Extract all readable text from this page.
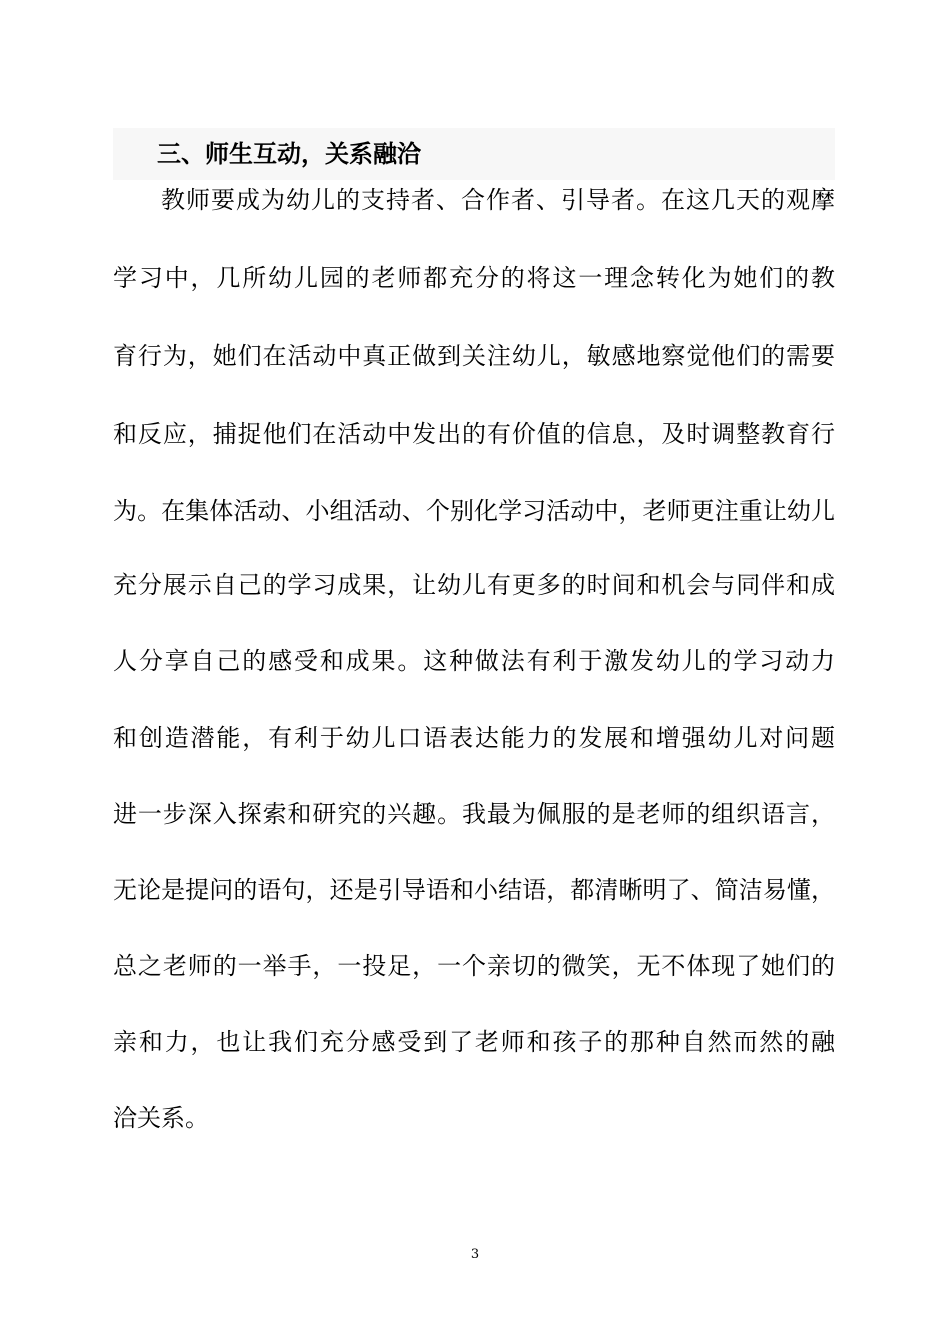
三、师生互动，关系融洽
教师要成为幼儿的支持者、合作者、引导者。在这几天的观摩
学习中，几所幼儿园的老师都充分的将这一理念转化为她们的教
育行为，她们在活动中真正做到关注幼儿，敏感地察觉他们的需要
和反应，捕捉他们在活动中发出的有价值的信息，及时调整教育行
为。在集体活动、小组活动、个别化学习活动中，老师更注重让幼儿
充分展示自己的学习成果，让幼儿有更多的时间和机会与同伴和成
人分享自己的感受和成果。这种做法有利于激发幼儿的学习动力
和创造潜能，有利于幼儿口语表达能力的发展和增强幼儿对问题
进一步深入探索和研究的兴趣。我最为佩服的是老师的组织语言，
无论是提问的语句，还是引导语和小结语，都清晰明了、简洁易懂，
总之老师的一举手，一投足，一个亲切的微笑，无不体现了她们的
亲和力，也让我们充分感受到了老师和孩子的那种自然而然的融
洽关系。
3
